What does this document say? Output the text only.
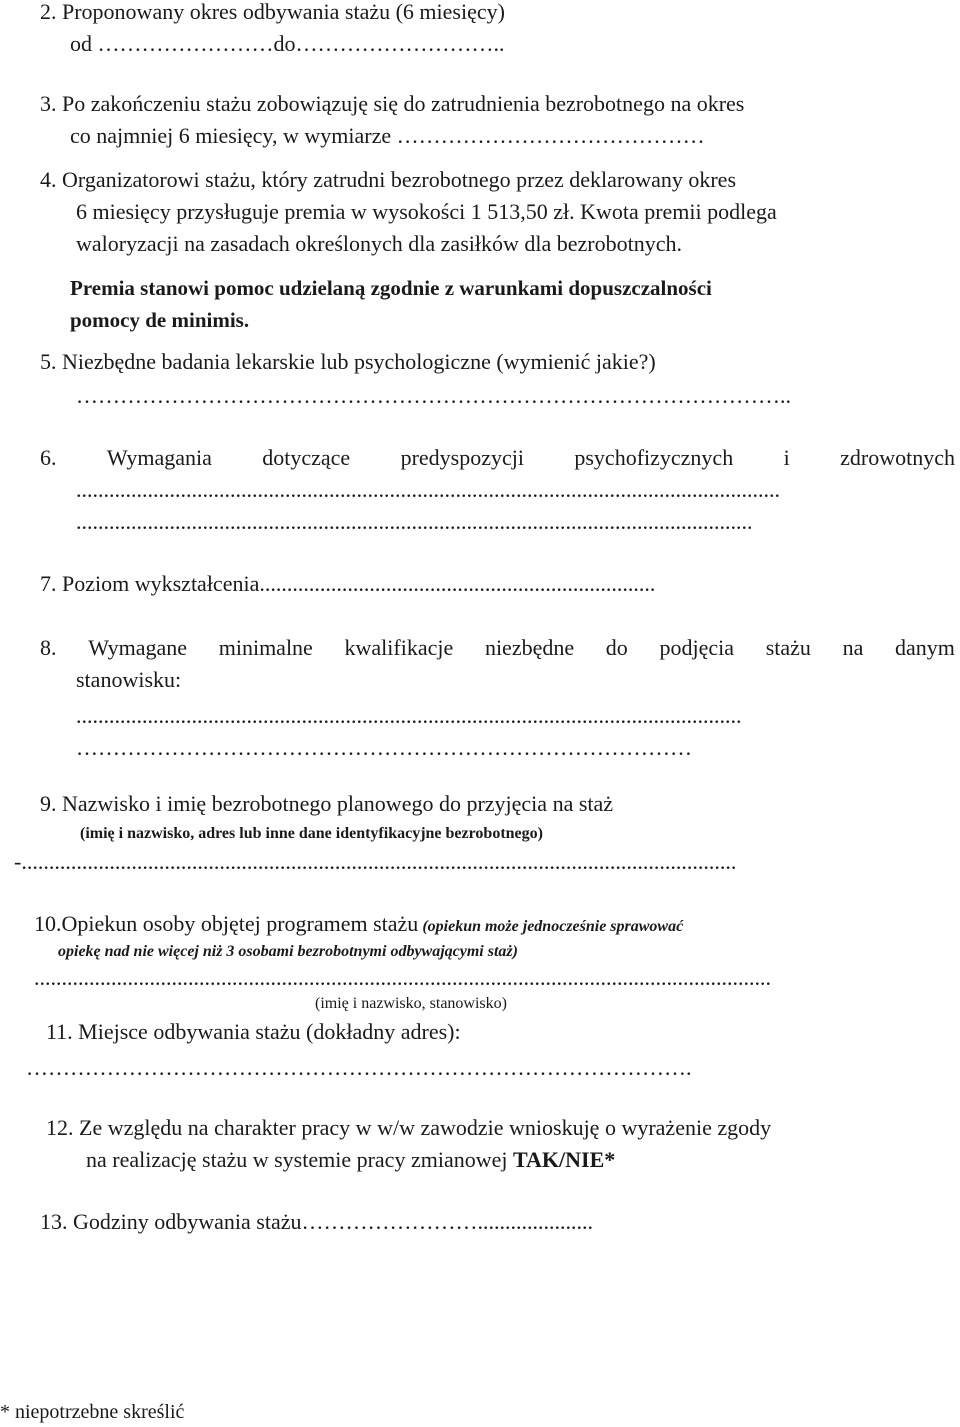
2. Proponowany okres odbywania stażu (6 miesięcy)
od ……………………do………………………..
3. Po zakończeniu stażu zobowiązuję się do zatrudnienia bezrobotnego na okres
co najmniej 6 miesięcy, w wymiarze ……………………………………
4. Organizatorowi stażu, który zatrudni bezrobotnego przez deklarowany okres
6 miesięcy przysługuje premia w wysokości 1 513,50 zł. Kwota premii podlega
waloryzacji na zasadach określonych dla zasiłków dla bezrobotnych.
Premia stanowi pomoc udzielaną zgodnie z warunkami dopuszczalności
pomocy de minimis.
5. Niezbędne badania lekarskie lub psychologiczne (wymienić jakie?)
……………………………………………………………………………………..
6. Wymagania dotyczące predyspozycji psychofizycznych i zdrowotnych
................................................................................................................................
...........................................................................................................................
7. Poziom wykształcenia........................................................................
8. Wymagane minimalne kwalifikacje niezbędne do podjęcia stażu na danym
stanowisku:
.........................................................................................................................
…………………………………………………………………………
9. Nazwisko i imię bezrobotnego planowego do przyjęcia na staż
(imię i nazwisko, adres lub inne dane identyfikacyjne bezrobotnego)
-..................................................................................................................................
10.Opiekun osoby objętej programem stażu (opiekun może jednocześnie sprawować
opiekę nad nie więcej niż 3 osobami bezrobotnymi odbywającymi staż)
......................................................................................................................................
(imię i nazwisko, stanowisko)
11. Miejsce odbywania stażu (dokładny adres):
……………………………………………………………………………….
12. Ze względu na charakter pracy w w/w zawodzie wnioskuję o wyrażenie zgody
na realizację stażu w systemie pracy zmianowej TAK/NIE*
13. Godziny odbywania stażu…………………….....................
* niepotrzebne skreślić
